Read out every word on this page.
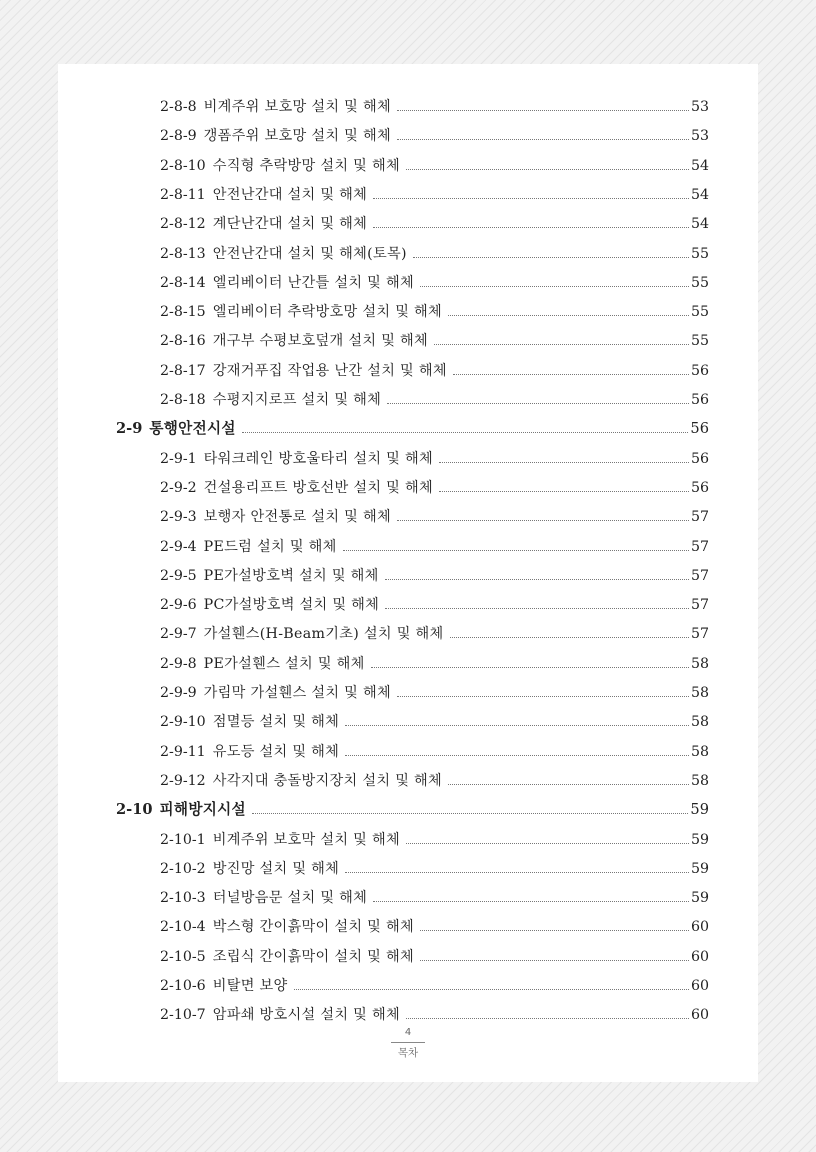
2-8-8 비계주위 보호망 설치 및 해체	53
2-8-9 갱폼주위 보호망 설치 및 해체	53
2-8-10 수직형 추락방망 설치 및 해체	54
2-8-11 안전난간대 설치 및 해체	54
2-8-12 계단난간대 설치 및 해체	54
2-8-13 안전난간대 설치 및 해체(토목)	55
2-8-14 엘리베이터 난간틀 설치 및 해체	55
2-8-15 엘리베이터 추락방호망 설치 및 해체	55
2-8-16 개구부 수평보호덮개 설치 및 해체	55
2-8-17 강재거푸집 작업용 난간 설치 및 해체	56
2-8-18 수평지지로프 설치 및 해체	56
2-9 통행안전시설	56
2-9-1 타워크레인 방호울타리 설치 및 해체	56
2-9-2 건설용리프트 방호선반 설치 및 해체	56
2-9-3 보행자 안전통로 설치 및 해체	57
2-9-4 PE드럼 설치 및 해체	57
2-9-5 PE가설방호벽 설치 및 해체	57
2-9-6 PC가설방호벽 설치 및 해체	57
2-9-7 가설휀스(H-Beam기초) 설치 및 해체	57
2-9-8 PE가설휀스 설치 및 해체	58
2-9-9 가림막 가설휀스 설치 및 해체	58
2-9-10 점멸등 설치 및 해체	58
2-9-11 유도등 설치 및 해체	58
2-9-12 사각지대 충돌방지장치 설치 및 해체	58
2-10 피해방지시설	59
2-10-1 비계주위 보호막 설치 및 해체	59
2-10-2 방진망 설치 및 해체	59
2-10-3 터널방음문 설치 및 해체	59
2-10-4 박스형 간이흙막이 설치 및 해체	60
2-10-5 조립식 간이흙막이 설치 및 해체	60
2-10-6 비탈면 보양	60
2-10-7 암파쇄 방호시설 설치 및 해체	60
4
목차
